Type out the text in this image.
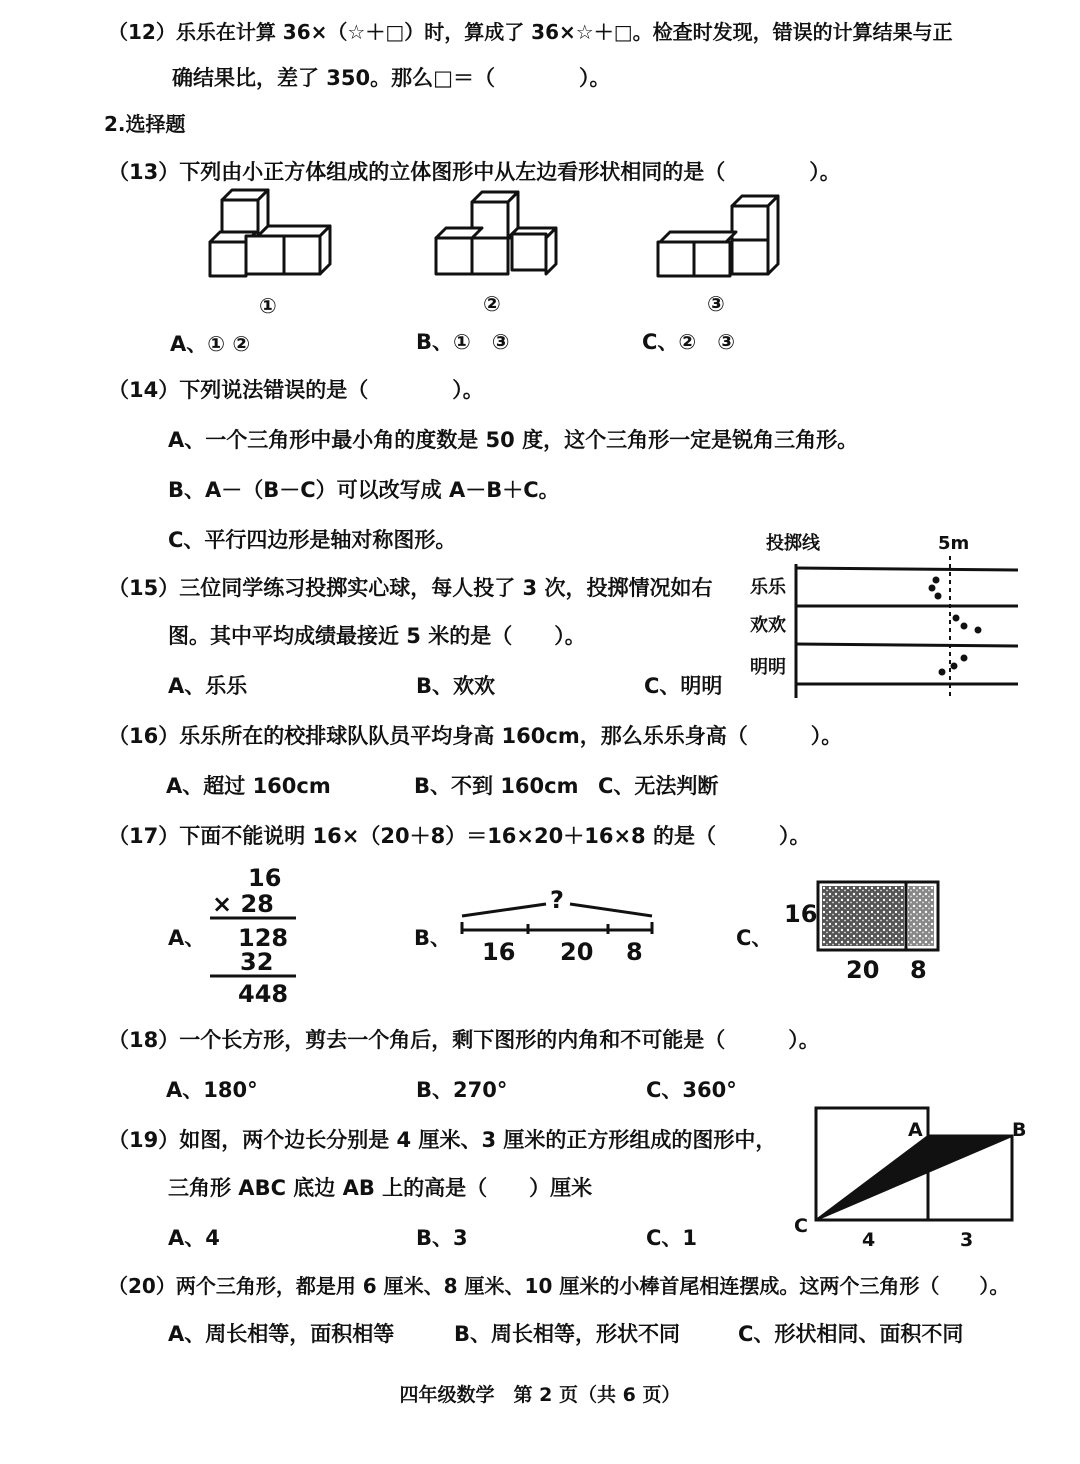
（12）乐乐在计算 36×（☆＋□）时，算成了 36×☆＋□。检查时发现，错误的计算结果与正
确结果比，差了 350。那么□＝（　　　　）。
2.选择题
（13）下列由小正方体组成的立体图形中从左边看形状相同的是（　　　　）。
①	②	③
A、① ②	B、①　③	C、②　③
（14）下列说法错误的是（　　　　）。
A、一个三角形中最小角的度数是 50 度，这个三角形一定是锐角三角形。
B、A－（B－C）可以改写成 A－B＋C。
C、平行四边形是轴对称图形。
（15）三位同学练习投掷实心球，每人投了 3 次，投掷情况如右
图。其中平均成绩最接近 5 米的是（　　）。
A、乐乐	B、欢欢	C、明明
投掷线	5m
乐乐
欢欢
明明
（16）乐乐所在的校排球队队员平均身高 160cm，那么乐乐身高（　　　）。
A、超过 160cm	B、不到 160cm C、无法判断
（17）下面不能说明 16×（20＋8）＝16×20＋16×8 的是（　　　）。
A、	B、	C、
16
× 28
128
32
448
?
16 20 8
16
20 8
（18）一个长方形，剪去一个角后，剩下图形的内角和不可能是（　　　）。
A、180°	B、270°	C、360°
（19）如图，两个边长分别是 4 厘米、3 厘米的正方形组成的图形中，
三角形 ABC 底边 AB 上的高是（　　）厘米
A、4	B、3	C、1
A	B
C
4	3
（20）两个三角形，都是用 6 厘米、8 厘米、10 厘米的小棒首尾相连摆成。这两个三角形（　　）。
A、周长相等，面积相等	B、周长相等，形状不同	C、形状相同、面积不同
四年级数学　第 2 页（共 6 页）
